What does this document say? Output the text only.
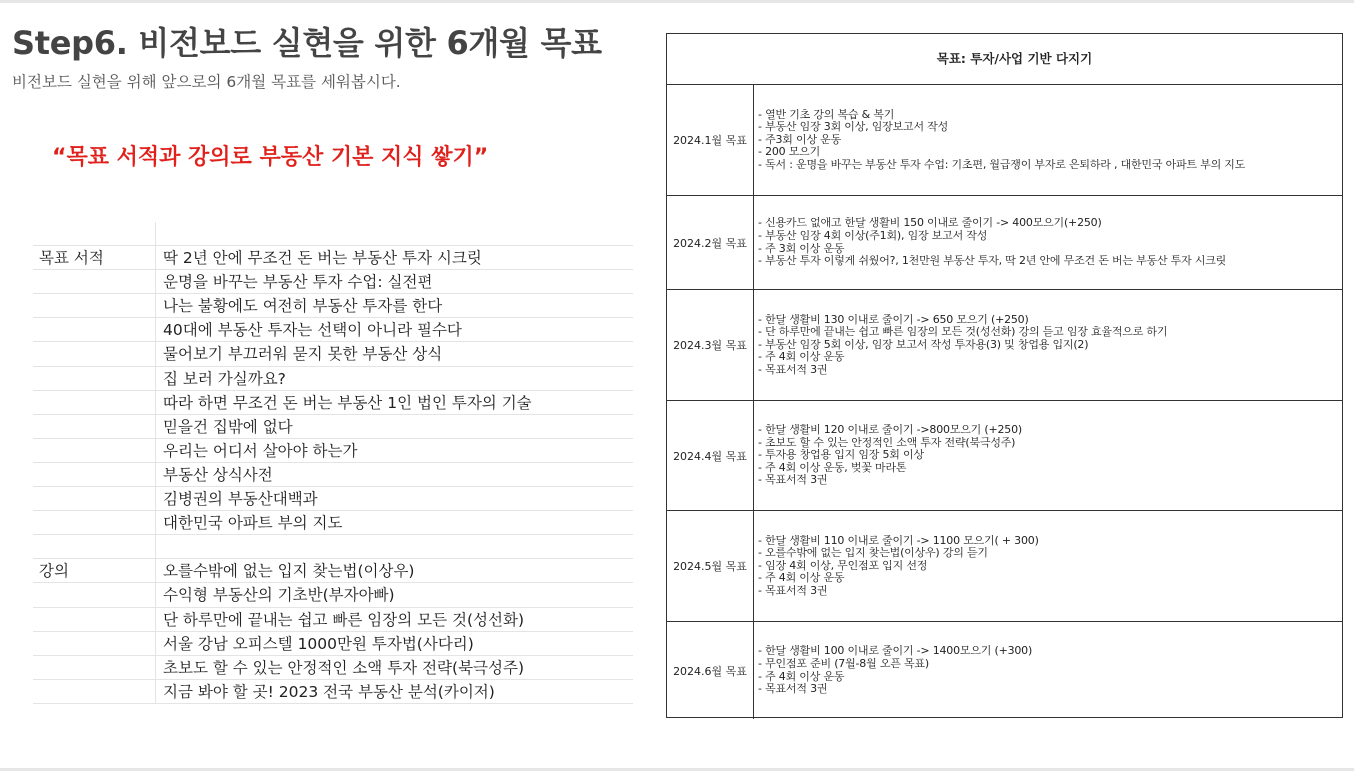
Step6. 비전보드 실현을 위한 6개월 목표

비전보드 실현을 위해 앞으로의 6개월 목표를 세워봅시다.

“목표 서적과 강의로 부동산 기본 지식 쌓기”

목표 서적	딱 2년 안에 무조건 돈 버는 부동산 투자 시크릿
운명을 바꾸는 부동산 투자 수업: 실전편
나는 불황에도 여전히 부동산 투자를 한다
40대에 부동산 투자는 선택이 아니라 필수다
물어보기 부끄러워 묻지 못한 부동산 상식
집 보러 가실까요?
따라 하면 무조건 돈 버는 부동산 1인 법인 투자의 기술
믿을건 집밖에 없다
우리는 어디서 살아야 하는가
부동산 상식사전
김병권의 부동산대백과
대한민국 아파트 부의 지도
강의	오를수밖에 없는 입지 찾는법(이상우)
수익형 부동산의 기초반(부자아빠)
단 하루만에 끝내는 쉽고 빠른 임장의 모든 것(성선화)
서울 강남 오피스텔 1000만원 투자법(사다리)
초보도 할 수 있는 안정적인 소액 투자 전략(북극성주)
지금 봐야 할 곳! 2023 전국 부동산 분석(카이저)
목표: 투자/사업 기반 다지기
2024.1월 목표
- 열반 기초 강의 복습 & 복기
- 부동산 임장 3회 이상, 임장보고서 작성
- 주3회 이상 운동
- 200 모으기
- 독서 : 운명을 바꾸는 부동산 투자 수업: 기초편, 월급쟁이 부자로 은퇴하라 , 대한민국 아파트 부의 지도
2024.2월 목표
- 신용카드 없애고 한달 생활비 150 이내로 줄이기 -> 400모으기(+250)
- 부동산 임장 4회 이상(주1회), 임장 보고서 작성
- 주 3회 이상 운동
- 부동산 투자 이렇게 쉬웠어?, 1천만원 부동산 투자, 딱 2년 안에 무조건 돈 버는 부동산 투자 시크릿
2024.3월 목표
- 한달 생활비 130 이내로 줄이기 -> 650 모으기 (+250)
- 단 하루만에 끝내는 쉽고 빠른 임장의 모든 것(성선화) 강의 듣고 임장 효율적으로 하기
- 부동산 임장 5회 이상, 임장 보고서 작성 투자용(3) 및 창업용 입지(2)
- 주 4회 이상 운동
- 목표서적 3권
2024.4월 목표
- 한달 생활비 120 이내로 줄이기 ->800모으기 (+250)
- 초보도 할 수 있는 안정적인 소액 투자 전략(북극성주)
- 투자용 창업용 입지 임장 5회 이상
- 주 4회 이상 운동, 벚꽃 마라톤
- 목표서적 3권
2024.5월 목표
- 한달 생활비 110 이내로 줄이기 -> 1100 모으기( + 300)
- 오를수밖에 없는 입지 찾는법(이상우) 강의 듣기
- 임장 4회 이상, 무인점포 입지 선정
- 주 4회 이상 운동
- 목표서적 3권
2024.6월 목표
- 한달 생활비 100 이내로 줄이기 -> 1400모으기 (+300)
- 무인점포 준비 (7월-8월 오픈 목표)
- 주 4회 이상 운동
- 목표서적 3권
